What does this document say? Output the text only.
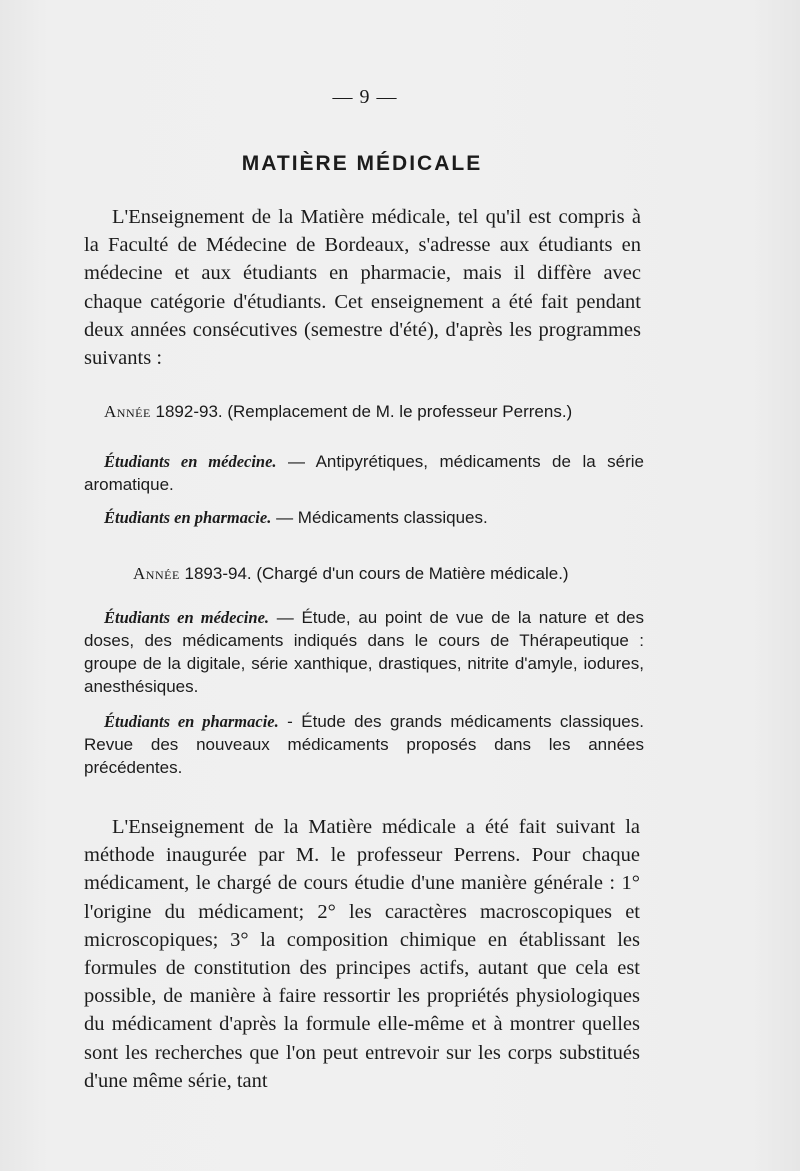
— 9 —
MATIÈRE MÉDICALE
L'Enseignement de la Matière médicale, tel qu'il est compris à la Faculté de Médecine de Bordeaux, s'adresse aux étudiants en médecine et aux étudiants en pharmacie, mais il diffère avec chaque catégorie d'étudiants. Cet enseignement a été fait pendant deux années consécutives (semestre d'été), d'après les programmes suivants :
Année 1892-93. (Remplacement de M. le professeur Perrens.)
Étudiants en médecine. — Antipyrétiques, médicaments de la série aromatique.
Étudiants en pharmacie. — Médicaments classiques.
Année 1893-94. (Chargé d'un cours de Matière médicale.)
Étudiants en médecine. — Étude, au point de vue de la nature et des doses, des médicaments indiqués dans le cours de Thérapeutique : groupe de la digitale, série xanthique, drastiques, nitrite d'amyle, iodures, anesthésiques.
Étudiants en pharmacie. - Étude des grands médicaments classiques. Revue des nouveaux médicaments proposés dans les années précédentes.
L'Enseignement de la Matière médicale a été fait suivant la méthode inaugurée par M. le professeur Perrens. Pour chaque médicament, le chargé de cours étudie d'une manière générale : 1° l'origine du médicament; 2° les caractères macroscopiques et microscopiques; 3° la composition chimique en établissant les formules de constitution des principes actifs, autant que cela est possible, de manière à faire ressortir les propriétés physiologiques du médicament d'après la formule elle-même et à montrer quelles sont les recherches que l'on peut entrevoir sur les corps substitués d'une même série, tant
